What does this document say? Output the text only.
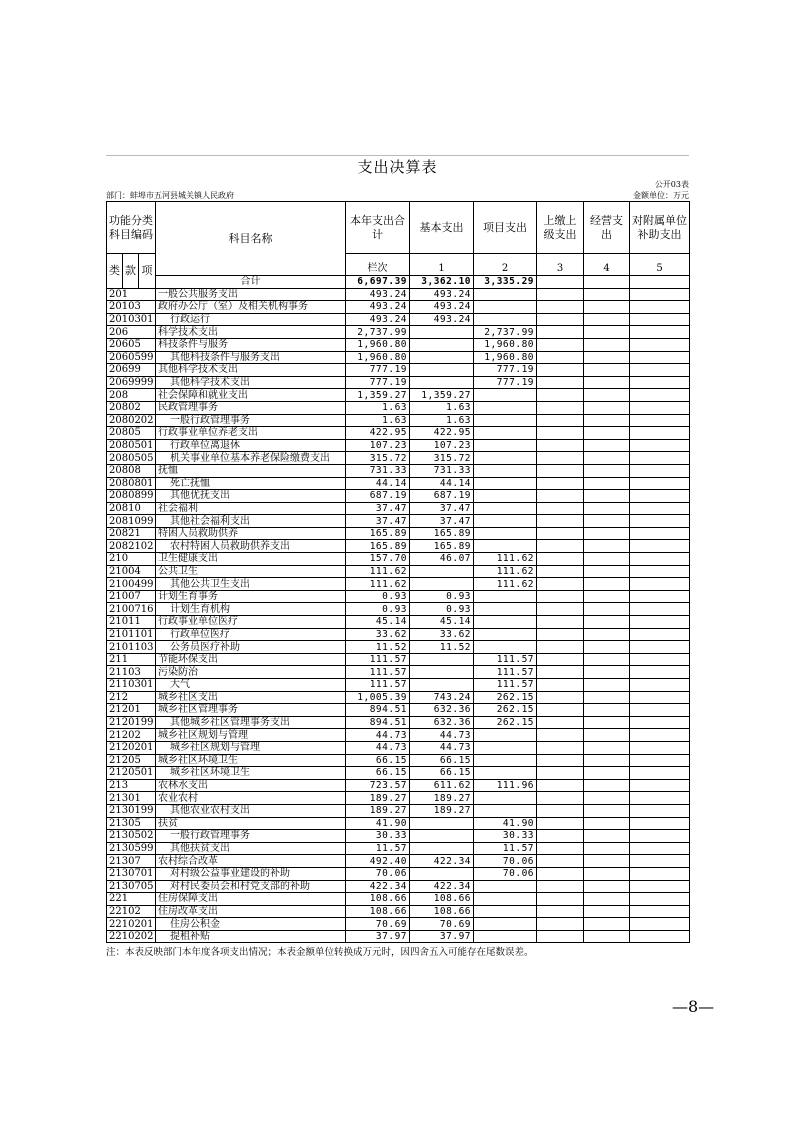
支出决算表
公开03表
部门：蚌埠市五河县城关镇人民政府	金额单位：万元
功能分类科目编码			科目名称	本年支出合计	基本支出	项目支出	上缴上级支出	经营支出	对附属单位补助支出	
类	款	项		栏次	1	2	3	4	5	
			合计	6,697.39	3,362.10	3,335.29				
201			一般公共服务支出	493.24	493.24					
20103			政府办公厅（室）及相关机构事务	493.24	493.24					
2010301			行政运行	493.24	493.24					
206			科学技术支出	2,737.99		2,737.99				
20605			科技条件与服务	1,960.80		1,960.80				
2060599			其他科技条件与服务支出	1,960.80		1,960.80				
20699			其他科学技术支出	777.19		777.19				
2069999			其他科学技术支出	777.19		777.19				
208			社会保障和就业支出	1,359.27	1,359.27					
20802			民政管理事务	1.63	1.63					
2080202			一般行政管理事务	1.63	1.63					
20805			行政事业单位养老支出	422.95	422.95					
2080501			行政单位离退休	107.23	107.23					
2080505			机关事业单位基本养老保险缴费支出	315.72	315.72					
20808			抚恤	731.33	731.33					
2080801			死亡抚恤	44.14	44.14					
2080899			其他优抚支出	687.19	687.19					
20810			社会福利	37.47	37.47					
2081099			其他社会福利支出	37.47	37.47					
20821			特困人员救助供养	165.89	165.89					
2082102			农村特困人员救助供养支出	165.89	165.89					
210			卫生健康支出	157.70	46.07	111.62				
21004			公共卫生	111.62		111.62				
2100499			其他公共卫生支出	111.62		111.62				
21007			计划生育事务	0.93	0.93					
2100716			计划生育机构	0.93	0.93					
21011			行政事业单位医疗	45.14	45.14					
2101101			行政单位医疗	33.62	33.62					
2101103			公务员医疗补助	11.52	11.52					
211			节能环保支出	111.57		111.57				
21103			污染防治	111.57		111.57				
2110301			大气	111.57		111.57				
212			城乡社区支出	1,005.39	743.24	262.15				
21201			城乡社区管理事务	894.51	632.36	262.15				
2120199			其他城乡社区管理事务支出	894.51	632.36	262.15				
21202			城乡社区规划与管理	44.73	44.73					
2120201			城乡社区规划与管理	44.73	44.73					
21205			城乡社区环境卫生	66.15	66.15					
2120501			城乡社区环境卫生	66.15	66.15					
213			农林水支出	723.57	611.62	111.96				
21301			农业农村	189.27	189.27					
2130199			其他农业农村支出	189.27	189.27					
21305			扶贫	41.90		41.90				
2130502			一般行政管理事务	30.33		30.33				
2130599			其他扶贫支出	11.57		11.57				
21307			农村综合改革	492.40	422.34	70.06				
2130701			对村级公益事业建设的补助	70.06		70.06				
2130705			对村民委员会和村党支部的补助	422.34	422.34					
221			住房保障支出	108.66	108.66					
22102			住房改革支出	108.66	108.66					
2210201			住房公积金	70.69	70.69					
2210202			提租补贴	37.97	37.97					
注：本表反映部门本年度各项支出情况；本表金额单位转换成万元时，因四舍五入可能存在尾数误差。
—8—
